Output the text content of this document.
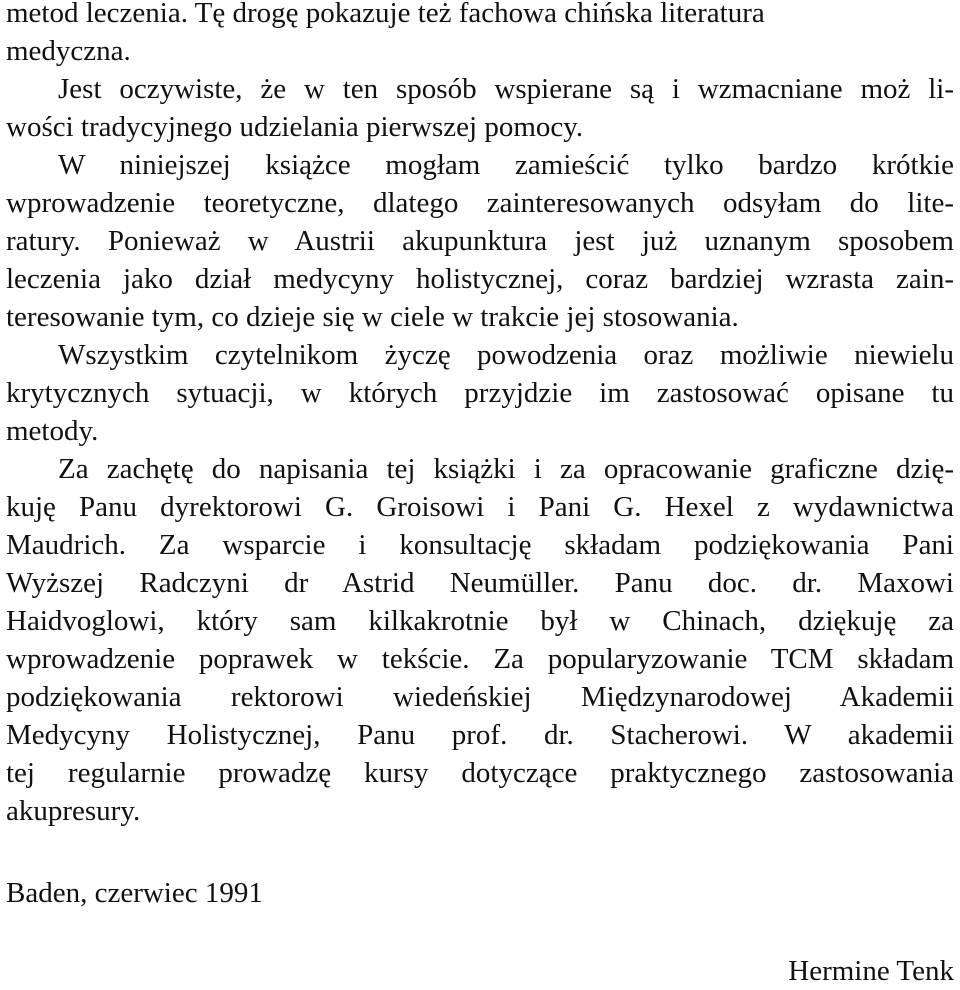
metod leczenia. Tę drogę pokazuje też fachowa chińska literatura
medyczna.
Jest oczywiste, że w ten sposób wspierane są i wzmacniane moż li-
wości tradycyjnego udzielania pierwszej pomocy.
W niniejszej książce mogłam zamieścić tylko bardzo krótkie
wprowadzenie teoretyczne, dlatego zainteresowanych odsyłam do lite-
ratury. Ponieważ w Austrii akupunktura jest już uznanym sposobem
leczenia jako dział medycyny holistycznej, coraz bardziej wzrasta zain-
teresowanie tym, co dzieje się w ciele w trakcie jej stosowania.
Wszystkim czytelnikom życzę powodzenia oraz możliwie niewielu
krytycznych sytuacji, w których przyjdzie im zastosować opisane tu
metody.
Za zachętę do napisania tej książki i za opracowanie graficzne dzię-
kuję Panu dyrektorowi G. Groisowi i Pani G. Hexel z wydawnictwa
Maudrich. Za wsparcie i konsultację składam podziękowania Pani
Wyższej Radczyni dr Astrid Neumüller. Panu doc. dr. Maxowi
Haidvoglowi, który sam kilkakrotnie był w Chinach, dziękuję za
wprowadzenie poprawek w tekście. Za popularyzowanie TCM składam
podziękowania rektorowi wiedeńskiej Międzynarodowej Akademii
Medycyny Holistycznej, Panu prof. dr. Stacherowi. W akademii
tej regularnie prowadzę kursy dotyczące praktycznego zastosowania
akupresury.
Baden, czerwiec 1991
Hermine Tenk
